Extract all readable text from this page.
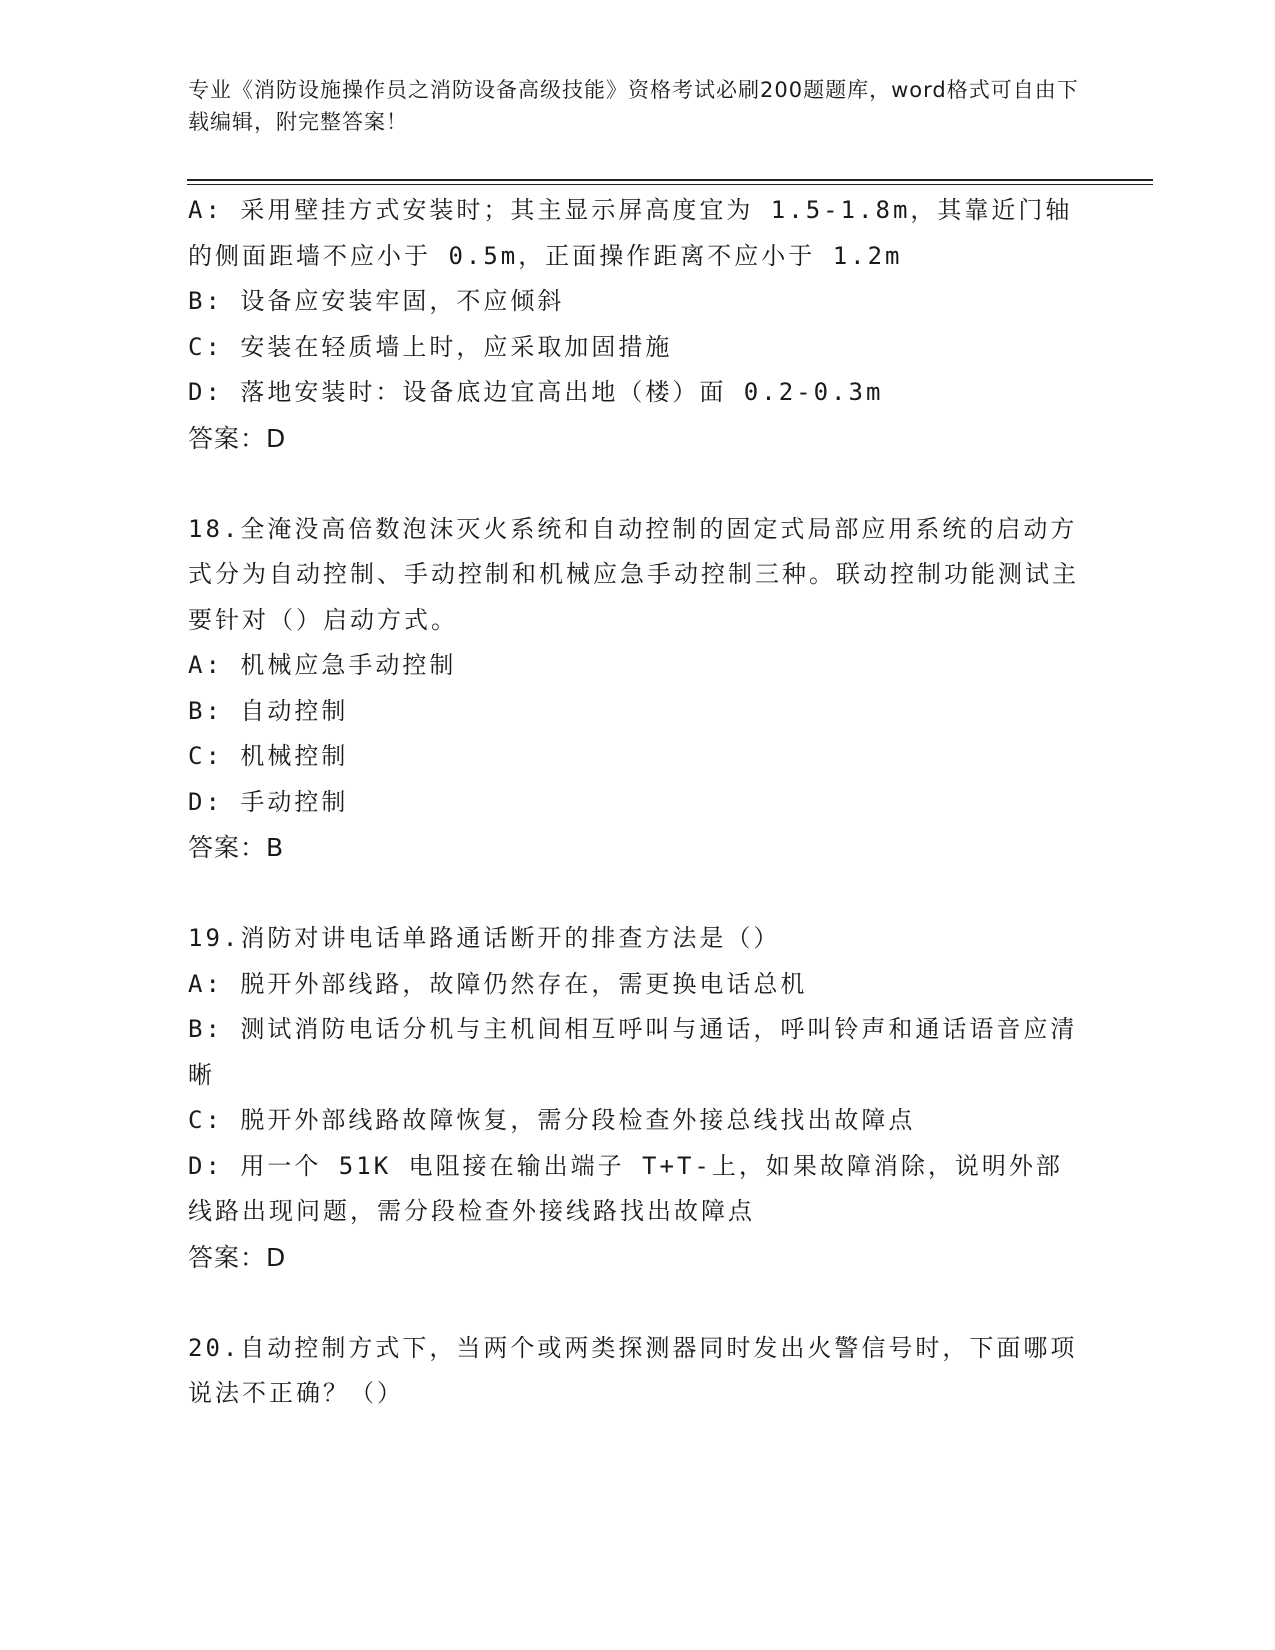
专业《消防设施操作员之消防设备高级技能》资格考试必刷200题题库，word格式可自由下载编辑，附完整答案！

A: 采用壁挂方式安装时；其主显示屏高度宜为 1.5-1.8m，其靠近门轴的侧面距墙不应小于 0.5m，正面操作距离不应小于 1.2m

B: 设备应安装牢固，不应倾斜

C: 安装在轻质墙上时，应采取加固措施

D: 落地安装时：设备底边宜高出地（楼）面 0.2-0.3m

答案：D

18.全淹没高倍数泡沫灭火系统和自动控制的固定式局部应用系统的启动方式分为自动控制、手动控制和机械应急手动控制三种。联动控制功能测试主要针对（）启动方式。

A: 机械应急手动控制

B: 自动控制

C: 机械控制

D: 手动控制

答案：B

19.消防对讲电话单路通话断开的排查方法是（）

A: 脱开外部线路，故障仍然存在，需更换电话总机

B: 测试消防电话分机与主机间相互呼叫与通话，呼叫铃声和通话语音应清晰

C: 脱开外部线路故障恢复，需分段检查外接总线找出故障点

D: 用一个 51K 电阻接在输出端子 T+T-上，如果故障消除，说明外部线路出现问题，需分段检查外接线路找出故障点

答案：D

20.自动控制方式下，当两个或两类探测器同时发出火警信号时，下面哪项说法不正确？（）
